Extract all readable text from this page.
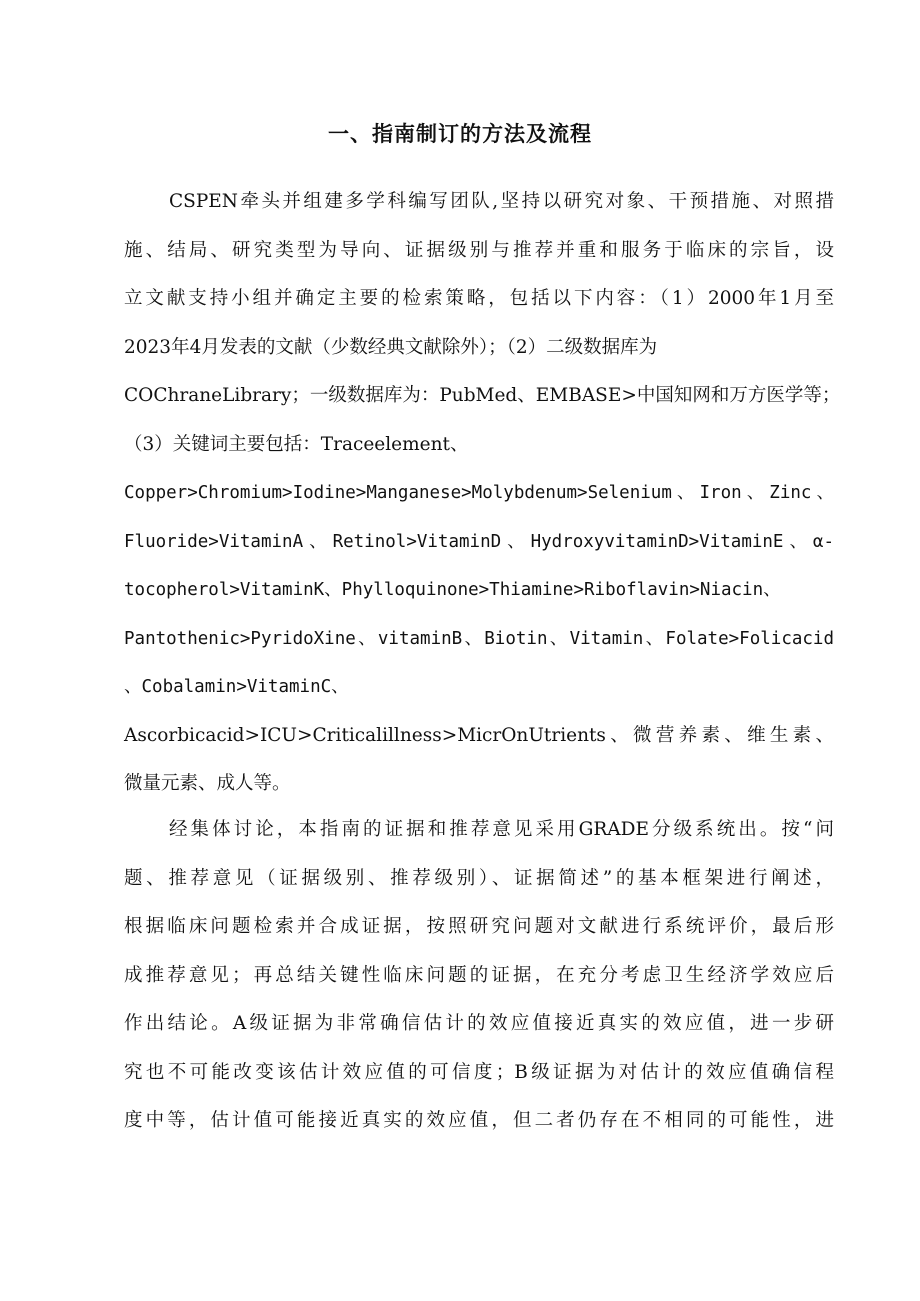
一、指南制订的方法及流程
CSPEN牵头并组建多学科编写团队,坚持以研究对象、干预措施、对照措
施、结局、研究类型为导向、证据级别与推荐并重和服务于临床的宗旨，设
立文献支持小组并确定主要的检索策略，包括以下内容：（1）2000年1月至
2023年4月发表的文献（少数经典文献除外）；（2）二级数据库为
COChraneLibrary；一级数据库为：PubMed、EMBASE>中国知网和万方医学等；
（3）关键词主要包括：Traceelement、
Copper>Chromium>Iodine>Manganese>Molybdenum>Selenium、Iron、Zinc、
Fluoride>VitaminA、Retinol>VitaminD、HydroxyvitaminD>VitaminE、α-
tocopherol>VitaminK、Phylloquinone>Thiamine>Riboflavin>Niacin、
Pantothenic>PyridoXine、vitaminB、Biotin、Vitamin、Folate>Folicacid
、Cobalamin>VitaminC、
Ascorbicacid>ICU>Criticalillness>MicrOnUtrients、微营养素、维生素、
微量元素、成人等。
经集体讨论，本指南的证据和推荐意见采用GRADE分级系统出。按“问
题、推荐意见（证据级别、推荐级别）、证据简述”的基本框架进行阐述，
根据临床问题检索并合成证据，按照研究问题对文献进行系统评价，最后形
成推荐意见；再总结关键性临床问题的证据，在充分考虑卫生经济学效应后
作出结论。A级证据为非常确信估计的效应值接近真实的效应值，进一步研
究也不可能改变该估计效应值的可信度；B级证据为对估计的效应值确信程
度中等，估计值可能接近真实的效应值，但二者仍存在不相同的可能性，进
